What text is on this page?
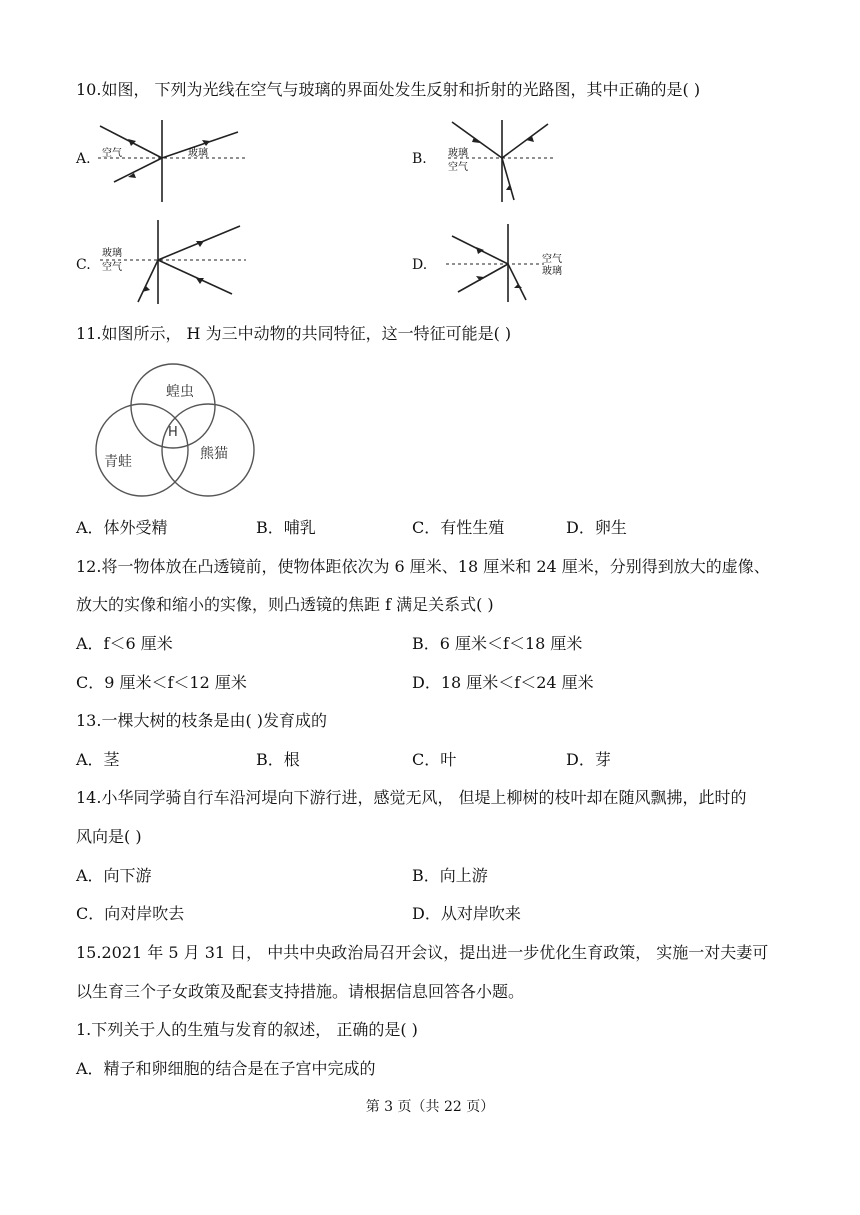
10.如图， 下列为光线在空气与玻璃的界面处发生反射和折射的光路图，其中正确的是( )
A. 空气	玻璃	B. 玻璃
空气
C.
玻璃
空气	D.	空气
玻璃
11.如图所示， H 为三中动物的共同特征，这一特征可能是( )
蝗虫
青蛙	熊猫
H
A．体外受精	B．哺乳	C．有性生殖	D．卵生
12.将一物体放在凸透镜前，使物体距依次为 6 厘米、18 厘米和 24 厘米，分别得到放大的虚像、
放大的实像和缩小的实像，则凸透镜的焦距 f 满足关系式( )
A．f＜6 厘米	B．6 厘米＜f＜18 厘米
C．9 厘米＜f＜12 厘米	D．18 厘米＜f＜24 厘米
13.一棵大树的枝条是由( )发育成的
A．茎	B．根	C．叶	D．芽
14.小华同学骑自行车沿河堤向下游行进，感觉无风， 但堤上柳树的枝叶却在随风飘拂，此时的
风向是( )
A．向下游	B．向上游
C．向对岸吹去	D．从对岸吹来
15.2021 年 5 月 31 日， 中共中央政治局召开会议，提出进一步优化生育政策， 实施一对夫妻可
以生育三个子女政策及配套支持措施。请根据信息回答各小题。
1.下列关于人的生殖与发育的叙述， 正确的是( )
A．精子和卵细胞的结合是在子宫中完成的
第 3 页（共 22 页）
